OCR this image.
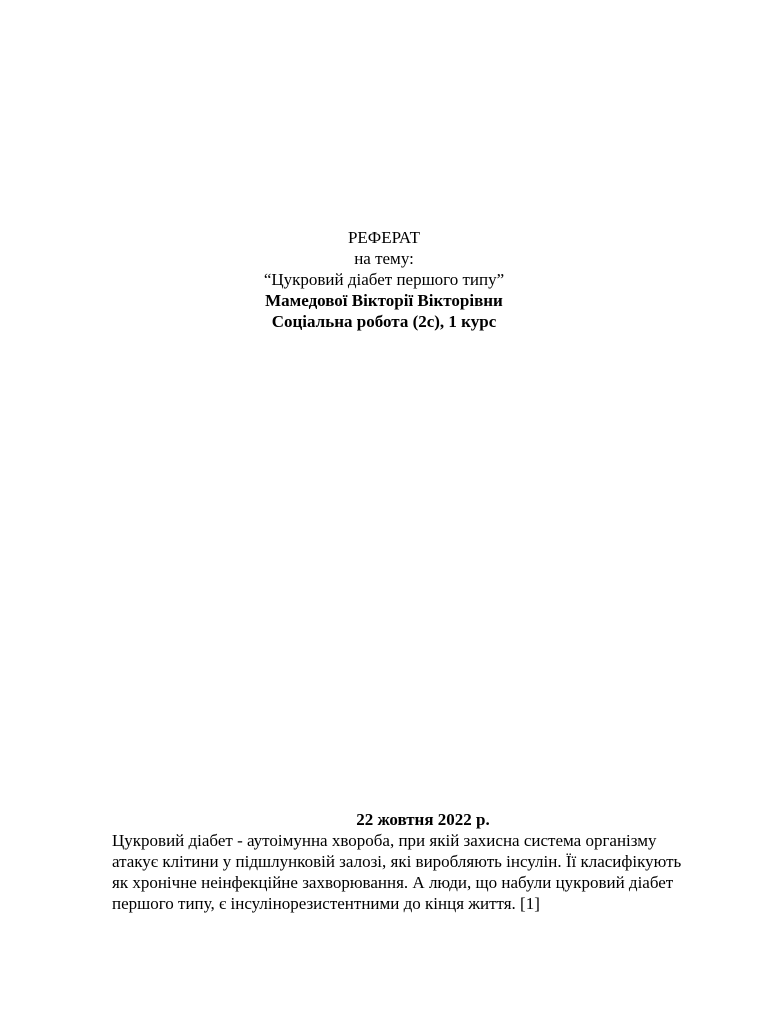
РЕФЕРАТ
на тему:
“Цукровий діабет першого типу”
Мамедової Вікторії Вікторівни
Соціальна робота (2с), 1 курс
22 жовтня 2022 р.
Цукровий діабет - аутоімунна хвороба, при якій захисна система організму
атакує клітини у підшлунковій залозі, які виробляють інсулін. Її класифікують
як хронічне неінфекційне захворювання. А люди, що набули цукровий діабет
першого типу, є інсулінорезистентними до кінця життя. [1]
